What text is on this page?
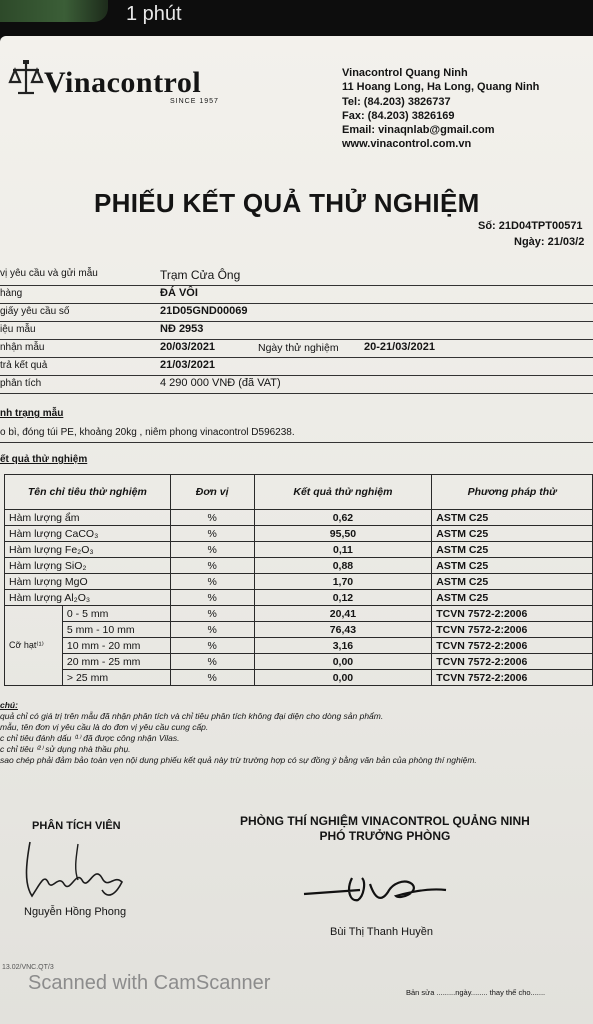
1 phút
Vinacontrol
SINCE 1957
Vinacontrol Quang Ninh
11 Hoang Long, Ha Long, Quang Ninh
Tel: (84.203) 3826737
Fax: (84.203) 3826169
Email: vinaqnlab@gmail.com
www.vinacontrol.com.vn
PHIẾU KẾT QUẢ THỬ NGHIỆM
Số: 21D04TPT00571
Ngày: 21/03/2
vị yêu cầu và gửi mẫu	Trạm Cửa Ông
hàng	ĐÁ VÔI
giấy yêu cầu số	21D05GND00069
iệu mẫu	NĐ 2953
nhận mẫu	20/03/2021	Ngày thử nghiệm 20-21/03/2021
trả kết quả	21/03/2021
phân tích	4 290 000 VNĐ (đã VAT)
nh trạng mẫu
o bì, đóng túi PE, khoảng 20kg , niêm phong vinacontrol D596238.
ết quả thử nghiệm
Tên chỉ tiêu thử nghiệm		Đơn vị	Kết quả thử nghiệm	Phương pháp thử
Hàm lượng ẩm		%	0,62	ASTM C25
Hàm lượng CaCO₃		%	95,50	ASTM C25
Hàm lượng Fe₂O₃		%	0,11	ASTM C25
Hàm lượng SiO₂		%	0,88	ASTM C25
Hàm lượng MgO		%	1,70	ASTM C25
Hàm lượng Al₂O₃		%	0,12	ASTM C25
Cỡ hạt⁽¹⁾	0 - 5 mm	%	20,41	TCVN 7572-2:2006
	5 mm - 10 mm	%	76,43	TCVN 7572-2:2006
	10 mm - 20 mm	%	3,16	TCVN 7572-2:2006
	20 mm - 25 mm	%	0,00	TCVN 7572-2:2006
	> 25 mm	%	0,00	TCVN 7572-2:2006
chú:
quả chỉ có giá trị trên mẫu đã nhận phân tích và chỉ tiêu phân tích không đại diện cho dòng sản phẩm.
mẫu, tên đơn vị yêu cầu là do đơn vị yêu cầu cung cấp.
c chỉ tiêu đánh dấu ⁽¹⁾ đã được công nhận Vilas.
c chỉ tiêu ⁽²⁾ sử dụng nhà thầu phụ.
sao chép phải đảm bảo toàn vẹn nội dung phiếu kết quả này trừ trường hợp có sự đồng ý bằng văn bản của phòng thí nghiệm.
PHÂN TÍCH VIÊN
Nguyễn Hồng Phong
PHÒNG THÍ NGHIỆM VINACONTROL QUẢNG NINH
PHÓ TRƯỞNG PHÒNG
Bùi Thị Thanh Huyền
13.02/VNC.QT/3
Scanned with CamScanner	Bản sửa .........ngày........ thay thế cho.......
